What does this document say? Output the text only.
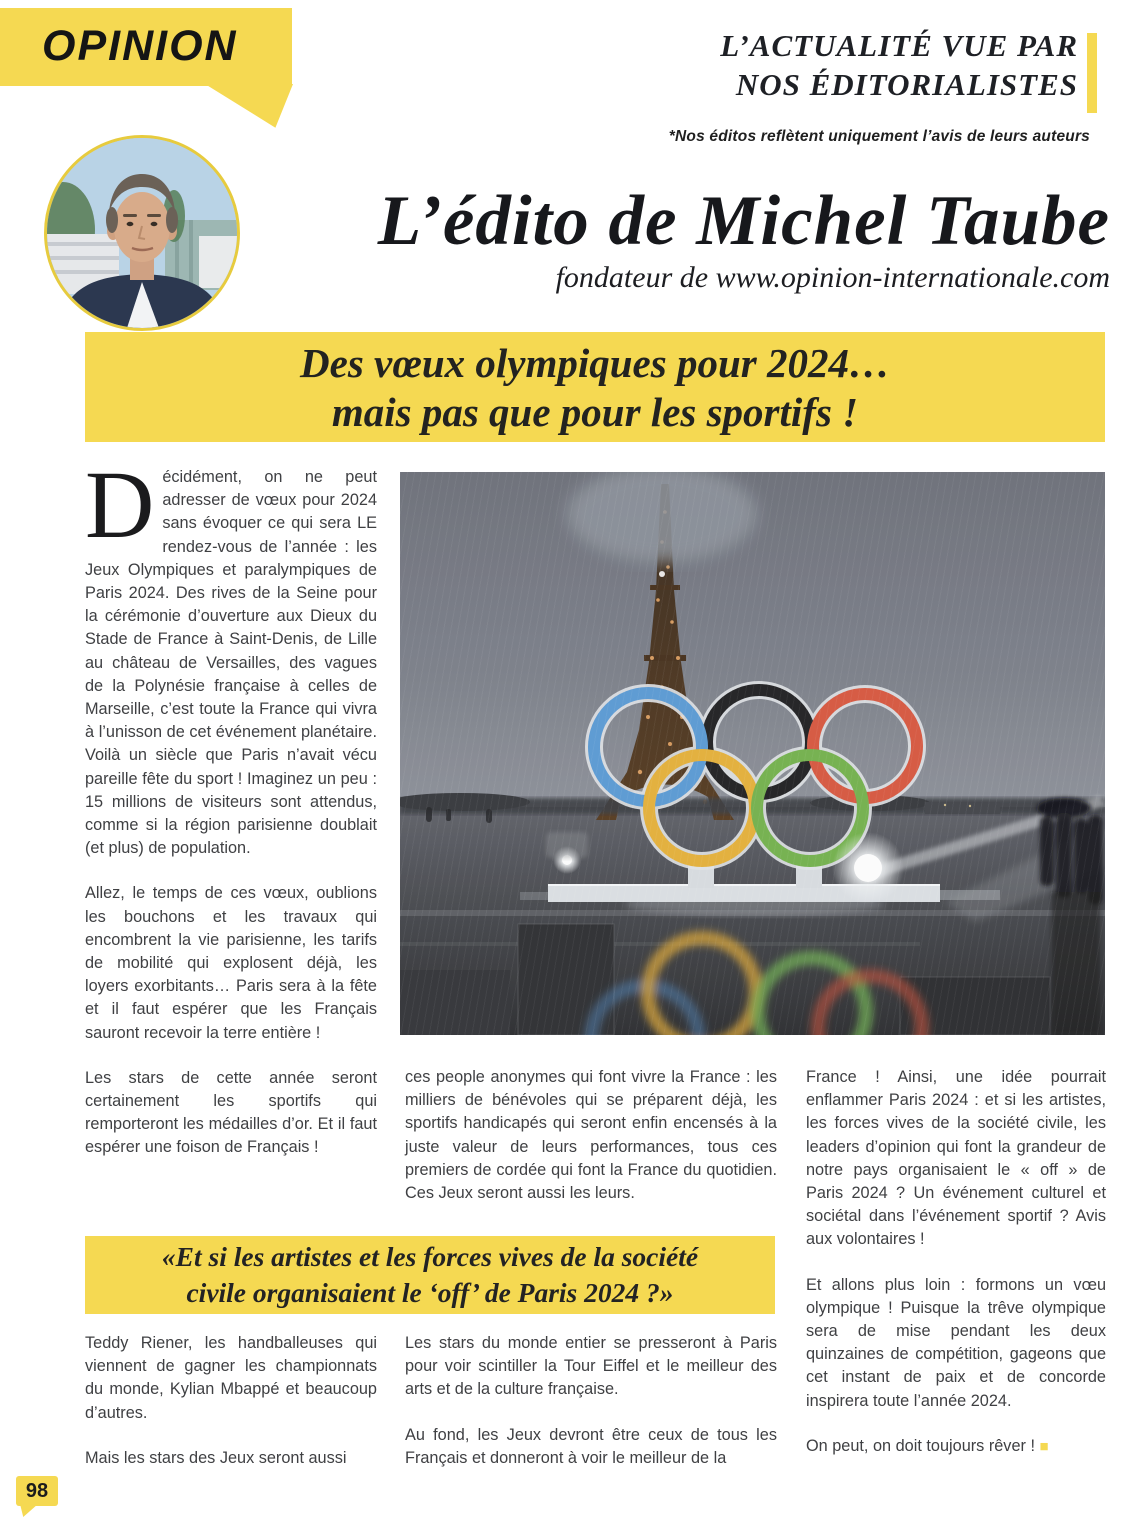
OPINION	L’ACTUALITÉ VUE PAR
NOS ÉDITORIALISTES
*Nos éditos reflètent uniquement l’avis de leurs auteurs
L’édito de Michel Taube
fondateur de www.opinion-internationale.com
Des vœux olympiques pour 2024…
mais pas que pour les sportifs !

Décidément, on ne peut adresser de vœux pour 2024 sans évoquer ce qui sera LE rendez-vous de l’année : les Jeux Olympiques et paralympiques de Paris 2024. Des rives de la Seine pour la cérémonie d’ouverture aux Dieux du Stade de France à Saint-Denis, de Lille au château de Versailles, des vagues de la Polynésie française à celles de Marseille, c’est toute la France qui vivra à l’unisson de cet événement planétaire. Voilà un siècle que Paris n’avait vécu pareille fête du sport ! Imaginez un peu : 15 millions de visiteurs sont attendus, comme si la région parisienne doublait (et plus) de population.

Allez, le temps de ces vœux, oublions les bouchons et les travaux qui encombrent la vie parisienne, les tarifs de mobilité qui explosent déjà, les loyers exorbitants… Paris sera à la fête et il faut espérer que les Français sauront recevoir la terre entière !

Les stars de cette année seront certainement les sportifs qui remporteront les médailles d’or. Et il faut espérer une foison de Français !

ces people anonymes qui font vivre la France : les milliers de bénévoles qui se préparent déjà, les sportifs handicapés qui seront enfin encensés à la juste valeur de leurs performances, tous ces premiers de cordée qui font la France du quotidien. Ces Jeux seront aussi les leurs.

France ! Ainsi, une idée pourrait enflammer Paris 2024 : et si les artistes, les forces vives de la société civile, les leaders d’opinion qui font la grandeur de notre pays organisaient le « off » de Paris 2024 ? Un événement culturel et sociétal dans l’événement sportif ? Avis aux volontaires !

Et allons plus loin : formons un vœu olympique ! Puisque la trêve olympique sera de mise pendant les deux quinzaines de compétition, gageons que cet instant de paix et de concorde inspirera toute l’année 2024.

On peut, on doit toujours rêver ! ■

«Et si les artistes et les forces vives de la société
civile organisaient le ‘off’ de Paris 2024 ?»

Teddy Riener, les handballeuses qui viennent de gagner les championnats du monde, Kylian Mbappé et beaucoup d’autres.

Mais les stars des Jeux seront aussi

Les stars du monde entier se presseront à Paris pour voir scintiller la Tour Eiffel et le meilleur des arts et de la culture française.

Au fond, les Jeux devront être ceux de tous les Français et donneront à voir le meilleur de la

98
